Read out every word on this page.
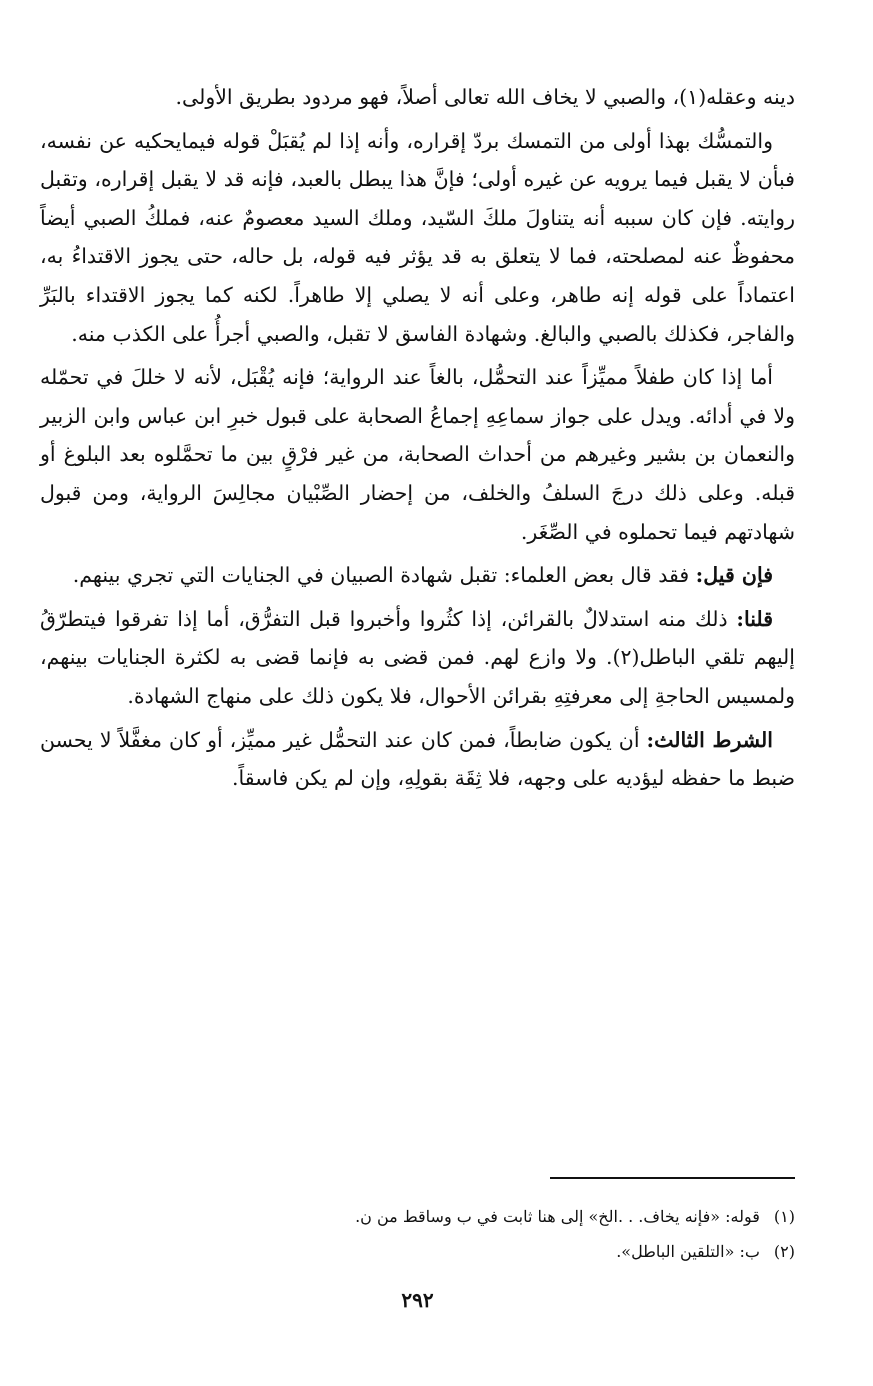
دينه وعقله(١)، والصبي لا يخاف الله تعالى أصلاً، فهو مردود بطريق الأولى.

والتمسُّك بهذا أولى من التمسك بردّ إقراره، وأنه إذا لم يُقبَلْ قوله فيمايحكيه عن نفسه، فبأن لا يقبل فيما يرويه عن غيره أولى؛ فإنَّ هذا يبطل بالعبد، فإنه قد لا يقبل إقراره، وتقبل روايته. فإن كان سببه أنه يتناولَ ملكَ السّيد، وملك السيد معصومٌ عنه، فملكُ الصبي أيضاً محفوظٌ عنه لمصلحته، فما لا يتعلق به قد يؤثر فيه قوله، بل حاله، حتى يجوز الاقتداءُ به، اعتماداً على قوله إنه طاهر، وعلى أنه لا يصلي إلا طاهراً. لكنه كما يجوز الاقتداء بالبَرِّ والفاجر، فكذلك بالصبي والبالغ. وشهادة الفاسق لا تقبل، والصبي أجرأُ على الكذب منه.

أما إذا كان طفلاً مميِّزاً عند التحمُّل، بالغاً عند الرواية؛ فإنه يُقْبَل، لأنه لا خللَ في تحمّله ولا في أدائه. ويدل على جواز سماعِهِ إجماعُ الصحابة على قبول خبرِ ابن عباس وابن الزبير والنعمان بن بشير وغيرهم من أحداث الصحابة، من غير فرْقٍ بين ما تحمَّلوه بعد البلوغ أو قبله. وعلى ذلك درجَ السلفُ والخلف، من إحضار الصِّبْيان مجالِسَ الرواية، ومن قبول شهادتهم فيما تحملوه في الصِّغَر.

فإن قيل: فقد قال بعض العلماء: تقبل شهادة الصبيان في الجنايات التي تجري بينهم.

قلنا: ذلك منه استدلالٌ بالقرائن، إذا كثُروا وأخبروا قبل التفرُّق، أما إذا تفرقوا فيتطرّقُ إليهم تلقي الباطل(٢). ولا وازع لهم. فمن قضى به فإنما قضى به لكثرة الجنايات بينهم، ولمسيس الحاجةِ إلى معرفتِهِ بقرائن الأحوال، فلا يكون ذلك على منهاج الشهادة.

الشرط الثالث: أن يكون ضابطاً، فمن كان عند التحمُّل غير مميِّز، أو كان مغفَّلاً لا يحسن ضبط ما حفظه ليؤديه على وجهه، فلا ثِقَة بقولِهِ، وإن لم يكن فاسقاً.

(١) قوله: «فإنه يخاف. . .الخ» إلى هنا ثابت في ب وساقط من ن.
(٢) ب: «التلقين الباطل».
٢٩٢
